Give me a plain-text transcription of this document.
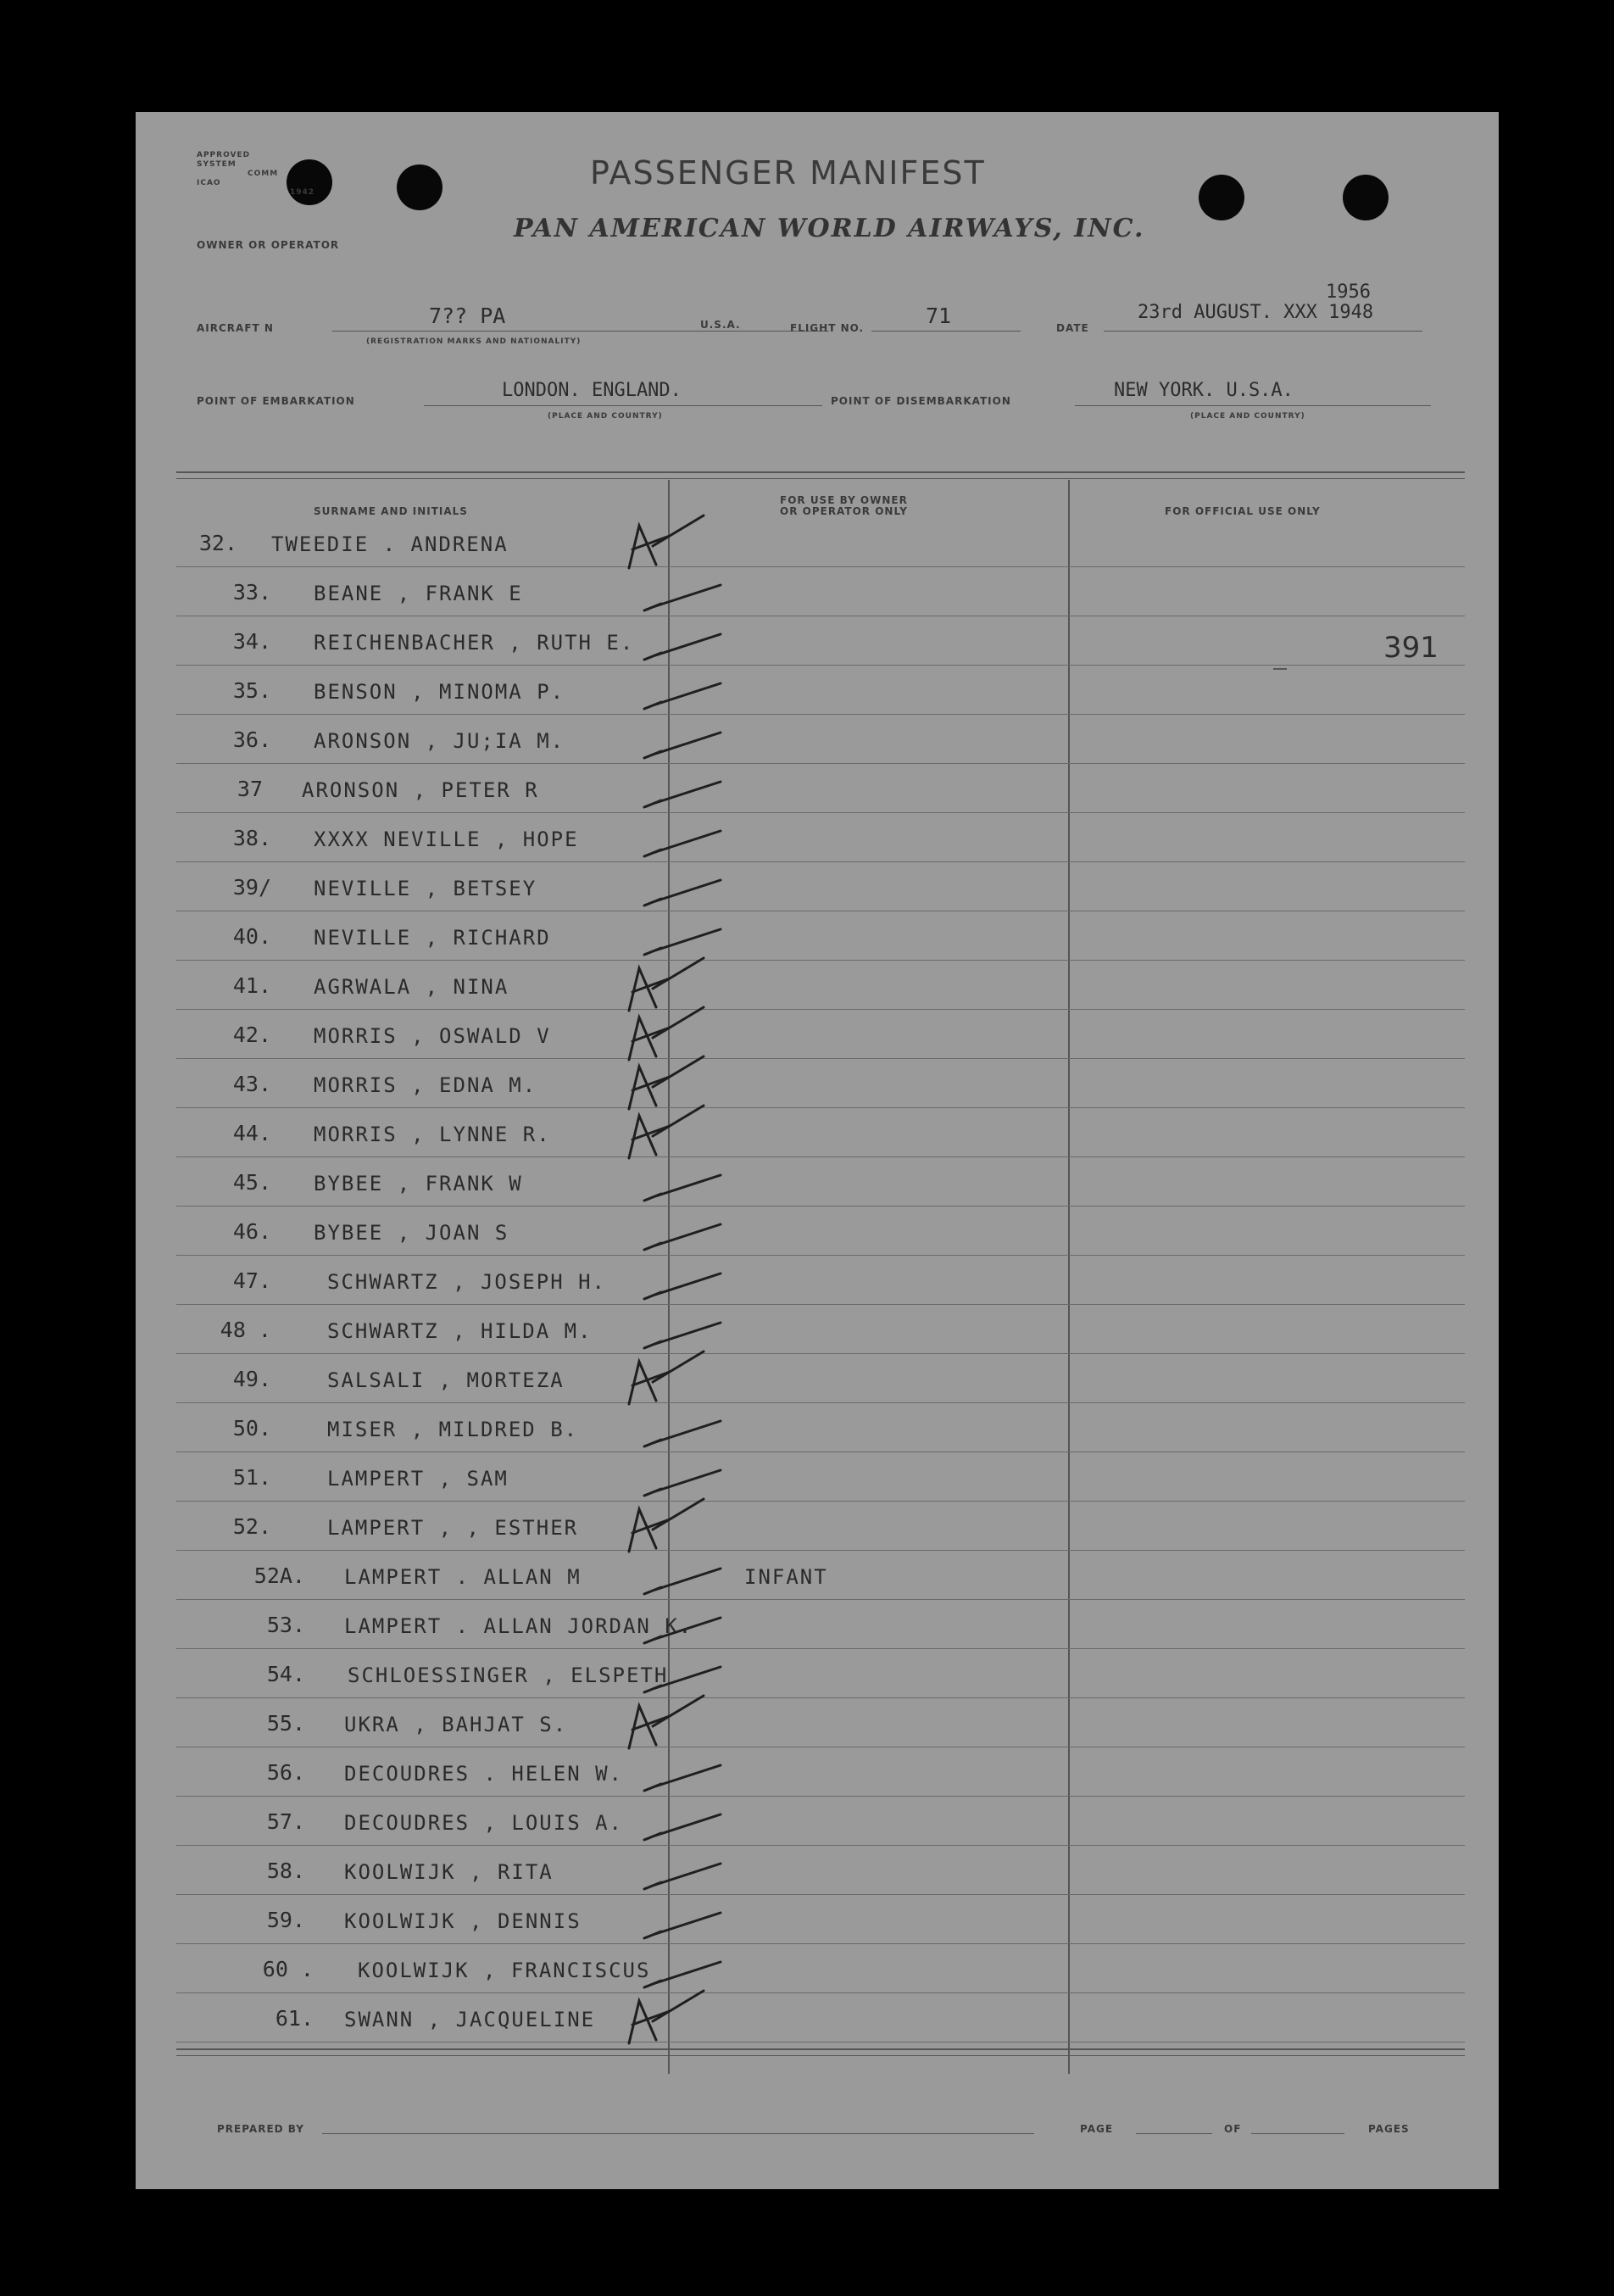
APPROVED
SYSTEM
COMM
ICAO
1942
PASSENGER MANIFEST
PAN AMERICAN WORLD AIRWAYS, INC.
OWNER OR OPERATOR
AIRCRAFT N	7?? PA
(REGISTRATION MARKS AND NATIONALITY)
U.S.A.	FLIGHT NO.	71	DATE
23rd AUGUST. XXX 1948
1956
POINT OF EMBARKATION	LONDON. ENGLAND.
(PLACE AND COUNTRY)
POINT OF DISEMBARKATION	NEW YORK. U.S.A.
(PLACE AND COUNTRY)
SURNAME AND INITIALS
FOR USE BY OWNER
OR OPERATOR ONLY	FOR OFFICIAL USE ONLY
32. TWEEDIE . ANDRENA
33. BEANE , FRANK E
34. REICHENBACHER , RUTH E.
35. BENSON , MINOMA P.
36. ARONSON , JU;IA M.
37 ARONSON , PETER R
38. XXXX NEVILLE , HOPE
39/ NEVILLE , BETSEY
40. NEVILLE , RICHARD
41. AGRWALA , NINA
42. MORRIS , OSWALD V
43. MORRIS , EDNA M.
44. MORRIS , LYNNE R.
45. BYBEE , FRANK W
46. BYBEE , JOAN S
47.	SCHWARTZ , JOSEPH H.
48 .	SCHWARTZ , HILDA M.
49.	SALSALI , MORTEZA
50.	MISER , MILDRED B.
51.	LAMPERT , SAM
52.	LAMPERT , , ESTHER
52A. LAMPERT . ALLAN M	INFANT
53. LAMPERT . ALLAN JORDAN K.
54. SCHLOESSINGER , ELSPETH
55. UKRA , BAHJAT S.
56. DECOUDRES . HELEN W.
57. DECOUDRES , LOUIS A.
58. KOOLWIJK , RITA
59. KOOLWIJK , DENNIS
60 . KOOLWIJK , FRANCISCUS
61. SWANN , JACQUELINE
391
PREPARED BY	PAGE	OF	PAGES
